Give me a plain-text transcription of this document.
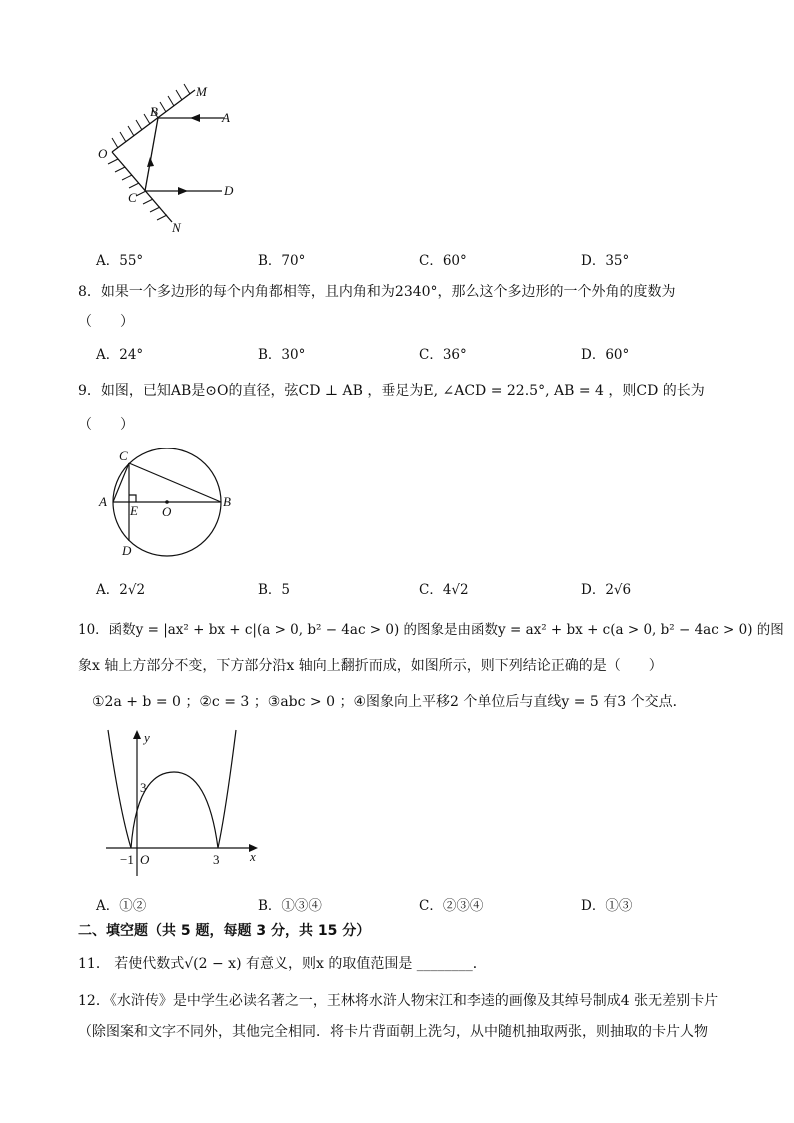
M
B	A
O
C	D
N
A．55°	B．70°	C．60°	D．35°
8．如果一个多边形的每个内角都相等，且内角和为2340°，那么这个多边形的一个外角的度数为
（　　）
A．24°	B．30°	C．36°	D．60°
9．如图，已知AB是⊙O的直径，弦CD ⊥ AB ，垂足为E, ∠ACD = 22.5°, AB = 4 ，则CD 的长为
（　　）
C
A
E O
B
D
A．2√2	B．5	C．4√2	D．2√6
10．函数y = |ax² + bx + c|(a > 0, b² − 4ac > 0) 的图象是由函数y = ax² + bx + c(a > 0, b² − 4ac > 0) 的图
象x 轴上方部分不变，下方部分沿x 轴向上翻折而成，如图所示，则下列结论正确的是（　　）
①2a + b = 0 ；②c = 3 ；③abc > 0 ；④图象向上平移2 个单位后与直线y = 5 有3 个交点．
y
3
−1 O	3 x
A．①②	B．①③④	C．②③④	D．①③
二、填空题（共 5 题，每题 3 分，共 15 分）
11． 若使代数式√(2 − x) 有意义，则x 的取值范围是 ________．
12．《水浒传》是中学生必读名著之一，王林将水浒人物宋江和李逵的画像及其绰号制成4 张无差别卡片
（除图案和文字不同外，其他完全相同．将卡片背面朝上洗匀，从中随机抽取两张，则抽取的卡片人物
